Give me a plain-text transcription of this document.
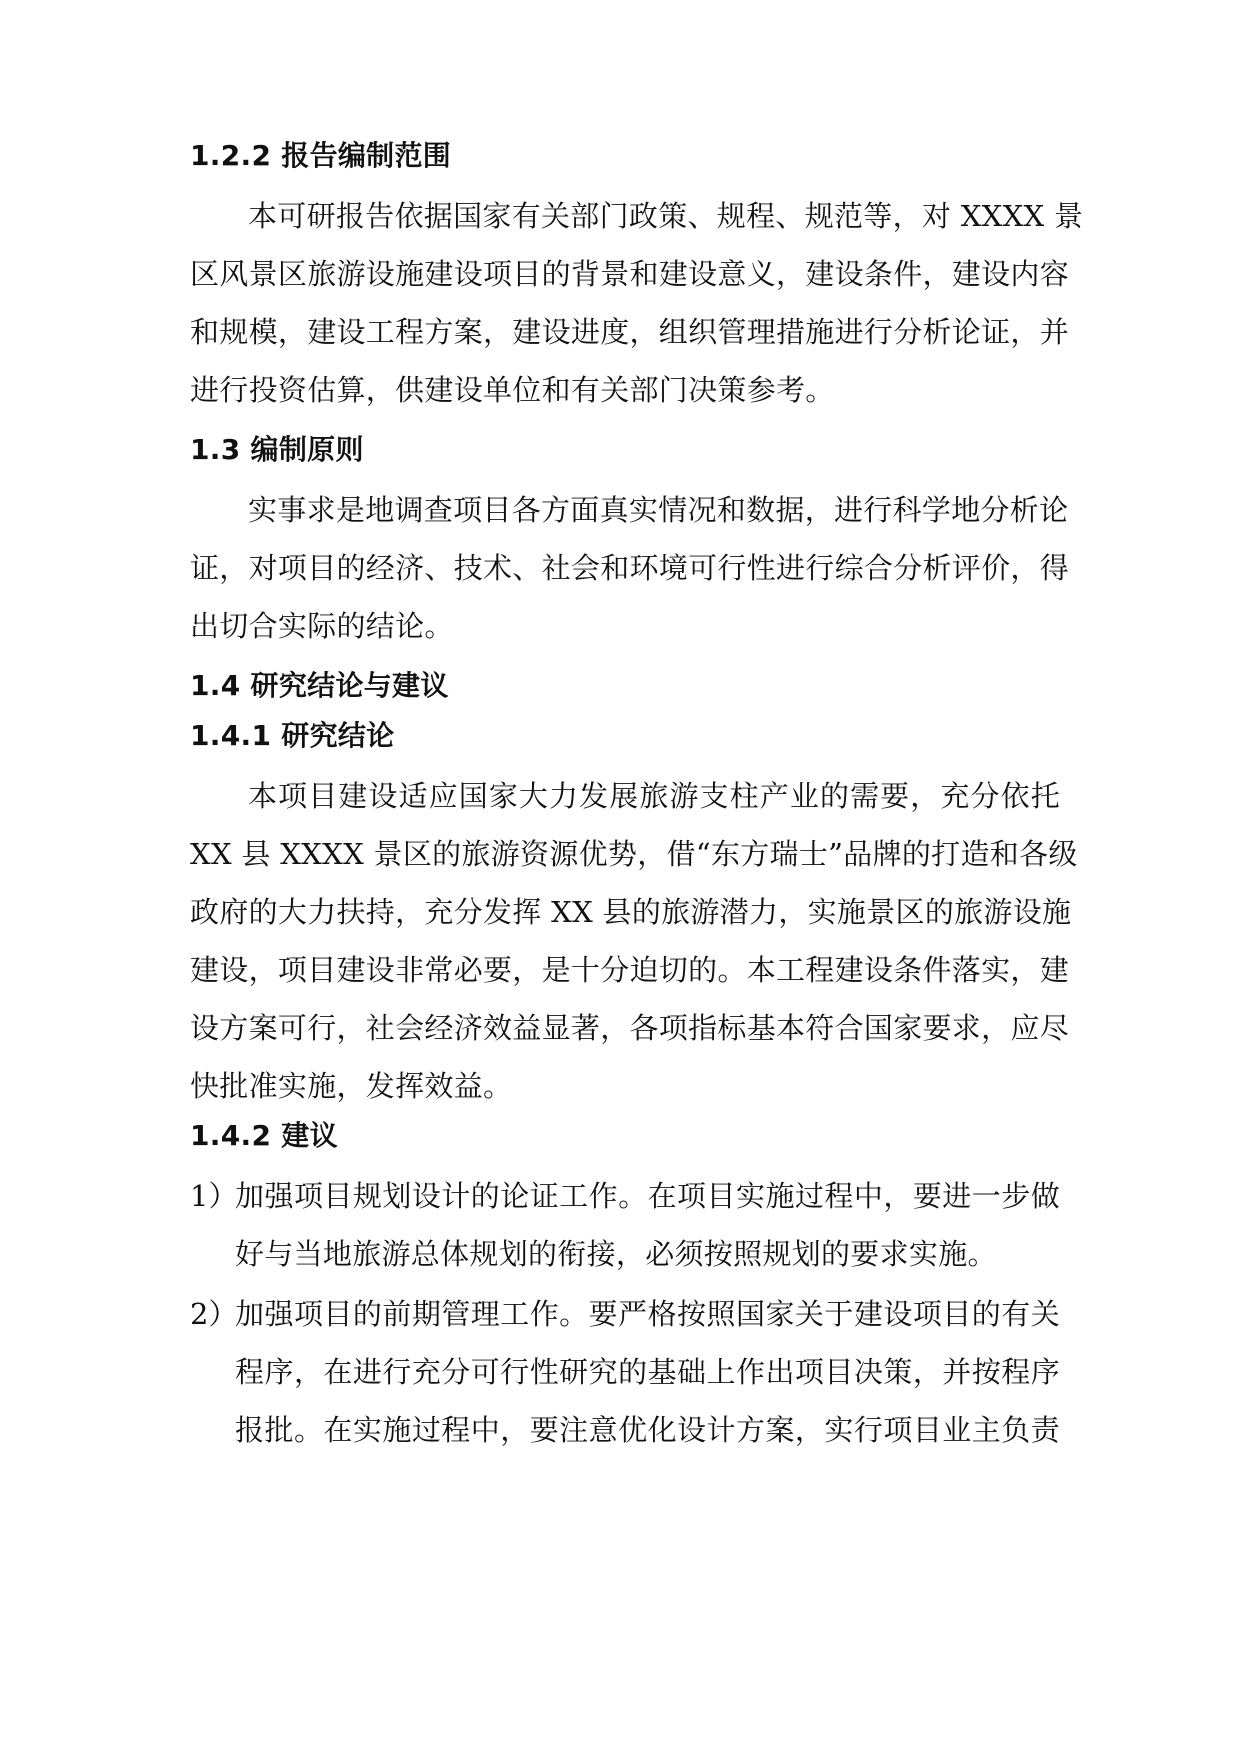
1.2.2 报告编制范围
本可研报告依据国家有关部门政策、规程、规范等，对 XXXX 景
区风景区旅游设施建设项目的背景和建设意义，建设条件，建设内容
和规模，建设工程方案，建设进度，组织管理措施进行分析论证，并
进行投资估算，供建设单位和有关部门决策参考。
1.3 编制原则
实事求是地调查项目各方面真实情况和数据，进行科学地分析论
证，对项目的经济、技术、社会和环境可行性进行综合分析评价，得
出切合实际的结论。
1.4 研究结论与建议
1.4.1 研究结论
本项目建设适应国家大力发展旅游支柱产业的需要，充分依托
XX 县 XXXX 景区的旅游资源优势，借“东方瑞士”品牌的打造和各级
政府的大力扶持，充分发挥 XX 县的旅游潜力，实施景区的旅游设施
建设，项目建设非常必要，是十分迫切的。本工程建设条件落实，建
设方案可行，社会经济效益显著，各项指标基本符合国家要求，应尽
快批准实施，发挥效益。
1.4.2 建议
1）
加强项目规划设计的论证工作。在项目实施过程中，要进一步做
好与当地旅游总体规划的衔接，必须按照规划的要求实施。
2）
加强项目的前期管理工作。要严格按照国家关于建设项目的有关
程序，在进行充分可行性研究的基础上作出项目决策，并按程序
报批。在实施过程中，要注意优化设计方案，实行项目业主负责
